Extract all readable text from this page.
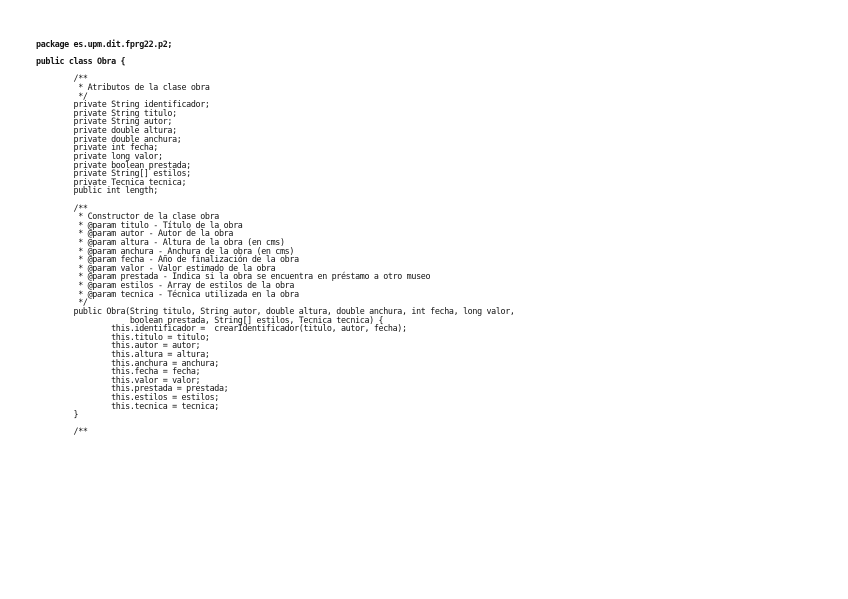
package es.upm.dit.fprg22.p2;
public class Obra {
/**
* Atributos de la clase obra
*/
private String identificador;
private String titulo;
private String autor;
private double altura;
private double anchura;
private int fecha;
private long valor;
private boolean prestada;
private String[] estilos;
private Tecnica tecnica;
public int length;
/**
* Constructor de la clase obra
* @param titulo - Título de la obra
* @param autor - Autor de la obra
* @param altura - Altura de la obra (en cms)
* @param anchura - Anchura de la obra (en cms)
* @param fecha - Año de finalización de la obra
* @param valor - Valor estimado de la obra
* @param prestada - Indica si la obra se encuentra en préstamo a otro museo
* @param estilos - Array de estilos de la obra
* @param tecnica - Técnica utilizada en la obra
*/
public Obra(String titulo, String autor, double altura, double anchura, int fecha, long valor,
boolean prestada, String[] estilos, Tecnica tecnica) {
this.identificador =  crearIdentificador(titulo, autor, fecha);
this.titulo = titulo;
this.autor = autor;
this.altura = altura;
this.anchura = anchura;
this.fecha = fecha;
this.valor = valor;
this.prestada = prestada;
this.estilos = estilos;
this.tecnica = tecnica;
}
/**
